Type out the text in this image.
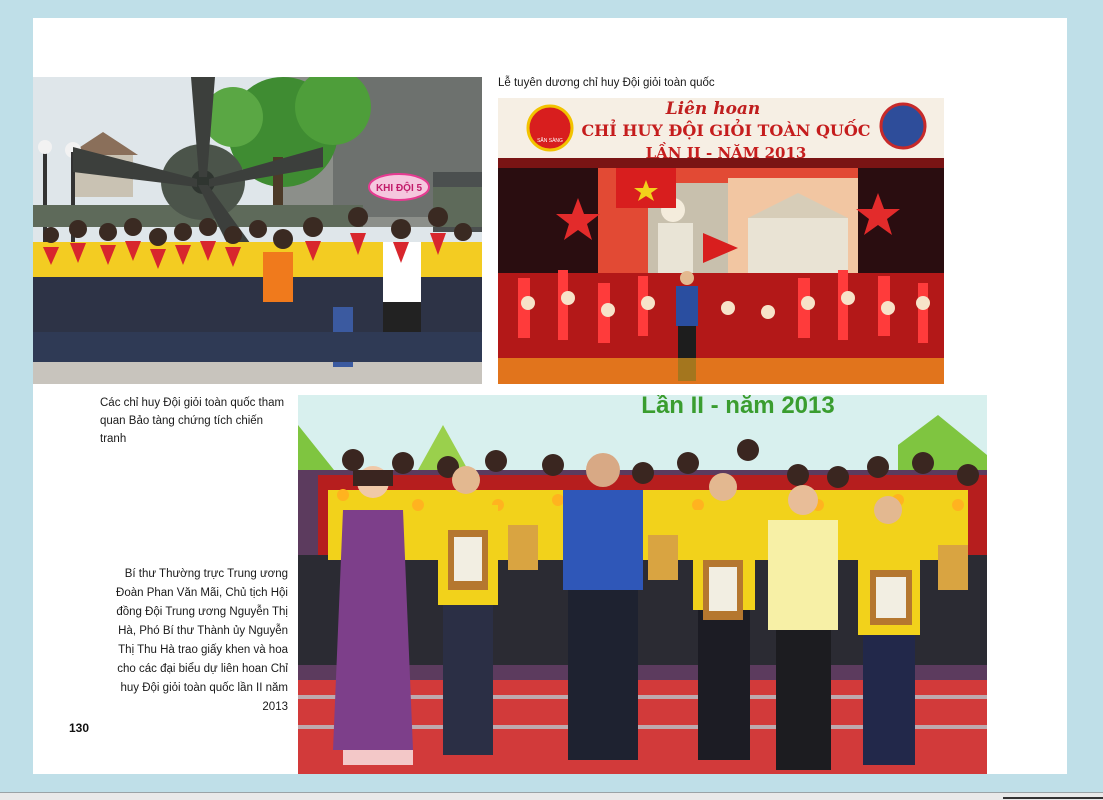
KHI ĐỘI 5
SẴN SÀNG
Liên hoan
CHỈ HUY ĐỘI GIỎI TOÀN QUỐC
LẦN II - NĂM 2013
Lần II - năm 2013
Lễ tuyên dương chỉ huy Đội giỏi toàn quốc
Các chỉ huy Đội giỏi toàn quốc tham quan Bảo tàng chứng tích chiến tranh
Bí thư Thường trực Trung ương Đoàn Phan Văn Mãi, Chủ tịch Hội đồng Đội Trung ương Nguyễn Thị Hà, Phó Bí thư Thành ủy Nguyễn Thị Thu Hà trao giấy khen và hoa cho các đại biểu dự liên hoan Chỉ huy Đội giỏi toàn quốc lần II năm 2013
130
